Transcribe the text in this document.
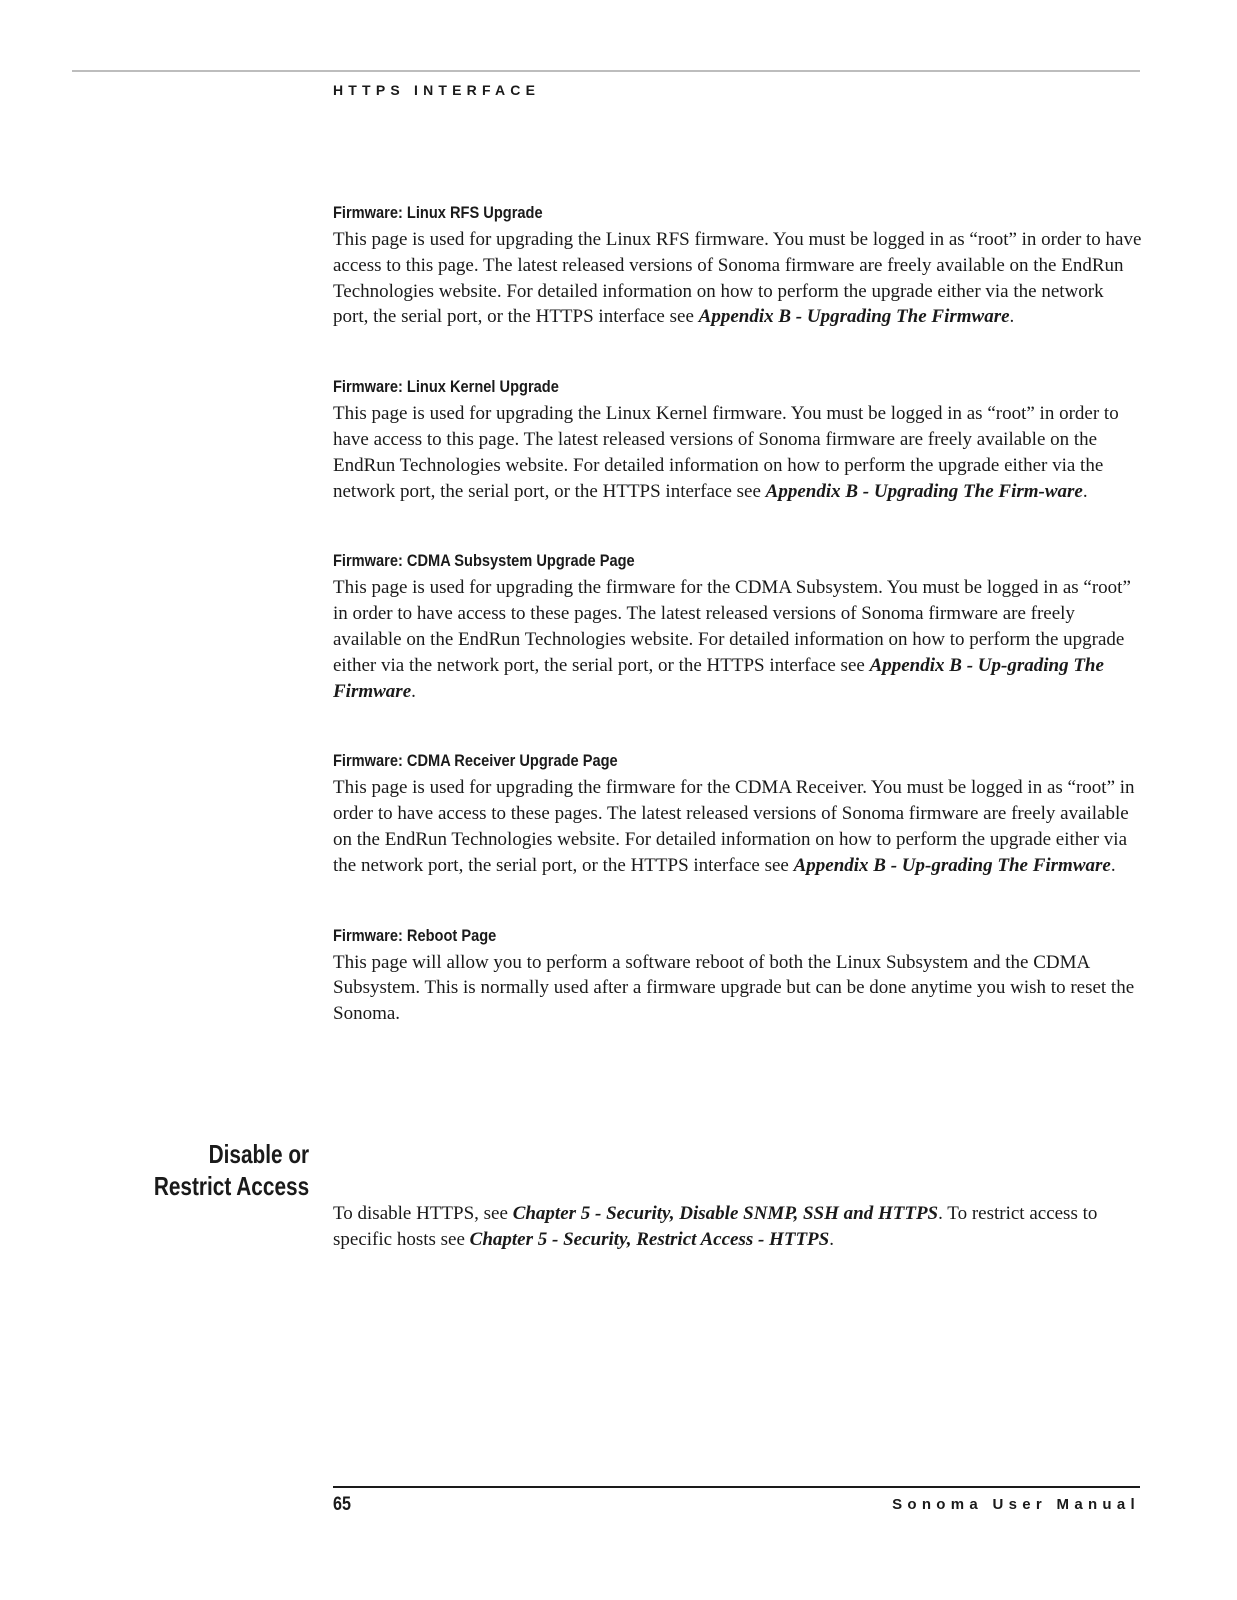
HTTPS INTERFACE
Firmware: Linux RFS Upgrade

This page is used for upgrading the Linux RFS firmware. You must be logged in as “root” in order to have access to this page. The latest released versions of Sonoma firmware are freely available on the EndRun Technologies website. For detailed information on how to perform the upgrade either via the network port, the serial port, or the HTTPS interface see Appendix B - Upgrading The Firmware.

Firmware: Linux Kernel Upgrade

This page is used for upgrading the Linux Kernel firmware. You must be logged in as “root” in order to have access to this page. The latest released versions of Sonoma firmware are freely available on the EndRun Technologies website. For detailed information on how to perform the upgrade either via the network port, the serial port, or the HTTPS interface see Appendix B - Upgrading The Firm-ware.

Firmware: CDMA Subsystem Upgrade Page

This page is used for upgrading the firmware for the CDMA Subsystem. You must be logged in as “root” in order to have access to these pages. The latest released versions of Sonoma firmware are freely available on the EndRun Technologies website. For detailed information on how to perform the upgrade either via the network port, the serial port, or the HTTPS interface see Appendix B - Up-grading The Firmware.

Firmware: CDMA Receiver Upgrade Page

This page is used for upgrading the firmware for the CDMA Receiver. You must be logged in as “root” in order to have access to these pages. The latest released versions of Sonoma firmware are freely available on the EndRun Technologies website. For detailed information on how to perform the upgrade either via the network port, the serial port, or the HTTPS interface see Appendix B - Up-grading The Firmware.

Firmware: Reboot Page

This page will allow you to perform a software reboot of both the Linux Subsystem and the CDMA Subsystem. This is normally used after a firmware upgrade but can be done anytime you wish to reset the Sonoma.

Disable or
Restrict Access

To disable HTTPS, see Chapter 5 - Security, Disable SNMP, SSH and HTTPS. To restrict access to specific hosts see Chapter 5 - Security, Restrict Access - HTTPS.

65	Sonoma User Manual
